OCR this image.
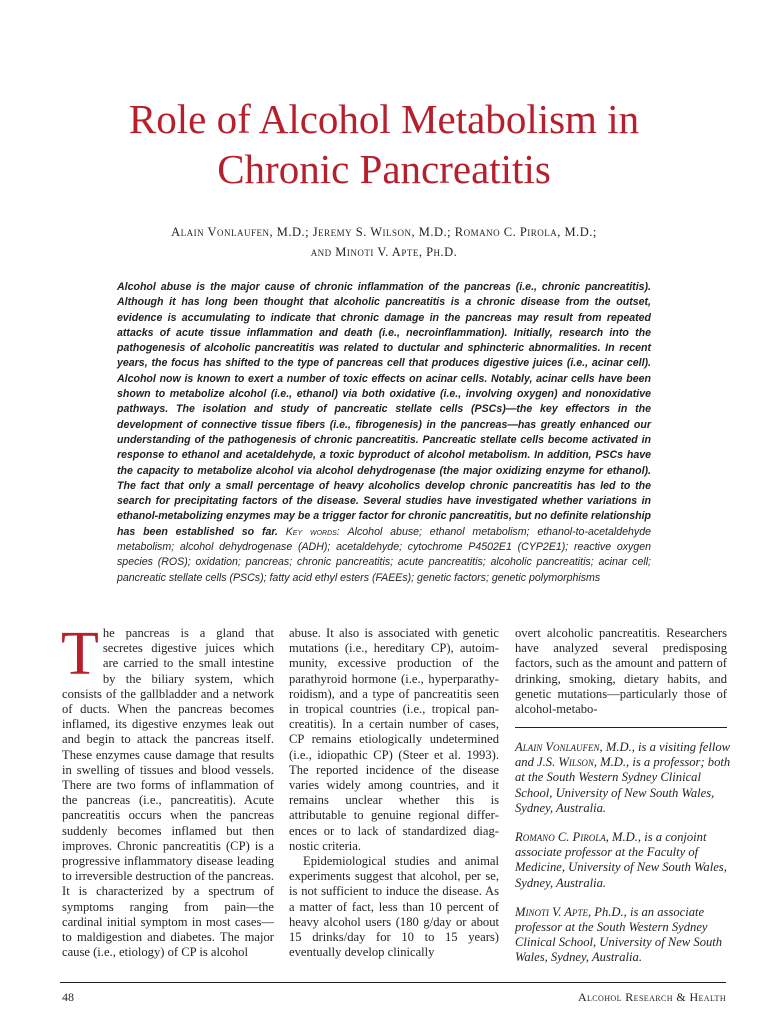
Role of Alcohol Metabolism in
Chronic Pancreatitis
Alain Vonlaufen, M.D.; Jeremy S. Wilson, M.D.; Romano C. Pirola, M.D.;
and Minoti V. Apte, Ph.D.
Alcohol abuse is the major cause of chronic inflammation of the pancreas (i.e., chronic pancreatitis). Although it has long been thought that alcoholic pancreatitis is a chronic disease from the outset, evidence is accumulating to indicate that chronic damage in the pancreas may result from repeated attacks of acute tissue inflammation and death (i.e., necroinflammation). Initially, research into the pathogenesis of alcoholic pancreatitis was related to ductular and sphincteric abnormalities. In recent years, the focus has shifted to the type of pancreas cell that produces digestive juices (i.e., acinar cell). Alcohol now is known to exert a number of toxic effects on acinar cells. Notably, acinar cells have been shown to metabolize alcohol (i.e., ethanol) via both oxidative (i.e., involving oxygen) and nonoxidative pathways. The isolation and study of pancreatic stellate cells (PSCs)—the key effectors in the development of connective tissue fibers (i.e., fibrogenesis) in the pancreas—has greatly enhanced our understanding of the pathogenesis of chronic pancreatitis. Pancreatic stellate cells become activated in response to ethanol and acetaldehyde, a toxic byproduct of alcohol metabolism. In addition, PSCs have the capacity to metabolize alcohol via alcohol dehydrogenase (the major oxidizing enzyme for ethanol). The fact that only a small percentage of heavy alcoholics develop chronic pancreatitis has led to the search for precipitating factors of the disease. Several studies have investigated whether variations in ethanol-metabolizing enzymes may be a trigger factor for chronic pancreatitis, but no definite relationship has been established so far. Key words: Alcohol abuse; ethanol metabolism; ethanol-to-acetaldehyde metabolism; alcohol dehydrogenase (ADH); acetaldehyde; cytochrome P4502E1 (CYP2E1); reactive oxygen species (ROS); oxidation; pancreas; chronic pancreatitis; acute pancreatitis; alcoholic pancreatitis; acinar cell; pancreatic stellate cells (PSCs); fatty acid ethyl esters (FAEEs); genetic factors; genetic polymorphisms

The pancreas is a gland that secretes digestive juices which are carried to the small intestine by the biliary system, which consists of the gallbladder and a network of ducts. When the pancreas becomes inflamed, its digestive enzymes leak out and begin to attack the pancreas itself. These enzymes cause damage that results in swelling of tissues and blood vessels. There are two forms of inflammation of the pancreas (i.e., pancreatitis). Acute pancreatitis occurs when the pancreas suddenly becomes inflamed but then improves. Chronic pancreatitis (CP) is a progressive inflammatory disease leading to irreversible destruction of the pancreas. It is characterized by a spectrum of symptoms ranging from pain—the cardinal initial symptom in most cases—to maldigestion and diabetes. The major cause (i.e., etiology) of CP is alcohol

abuse. It also is associated with genetic mutations (i.e., hereditary CP), autoimmunity, excessive production of the parathyroid hormone (i.e., hyperparathyroidism), and a type of pancreatitis seen in tropical countries (i.e., tropical pancreatitis). In a certain number of cases, CP remains etiologically undetermined (i.e., idiopathic CP) (Steer et al. 1993). The reported incidence of the disease varies widely among countries, and it remains unclear whether this is attributable to genuine regional differences or to lack of standardized diagnostic criteria.

Epidemiological studies and animal experiments suggest that alcohol, per se, is not sufficient to induce the disease. As a matter of fact, less than 10 percent of heavy alcohol users (180 g/day or about 15 drinks/day for 10 to 15 years) eventually develop clinically

overt alcoholic pancreatitis. Researchers have analyzed several predisposing factors, such as the amount and pattern of drinking, smoking, dietary habits, and genetic mutations—particularly those of alcohol-metabo-

Alain Vonlaufen, M.D., is a visiting fellow and J.S. Wilson, M.D., is a professor; both at the South Western Sydney Clinical School, University of New South Wales, Sydney, Australia.

Romano C. Pirola, M.D., is a conjoint associate professor at the Faculty of Medicine, University of New South Wales, Sydney, Australia.

Minoti V. Apte, Ph.D., is an associate professor at the South Western Sydney Clinical School, University of New South Wales, Sydney, Australia.

48	Alcohol Research & Health
